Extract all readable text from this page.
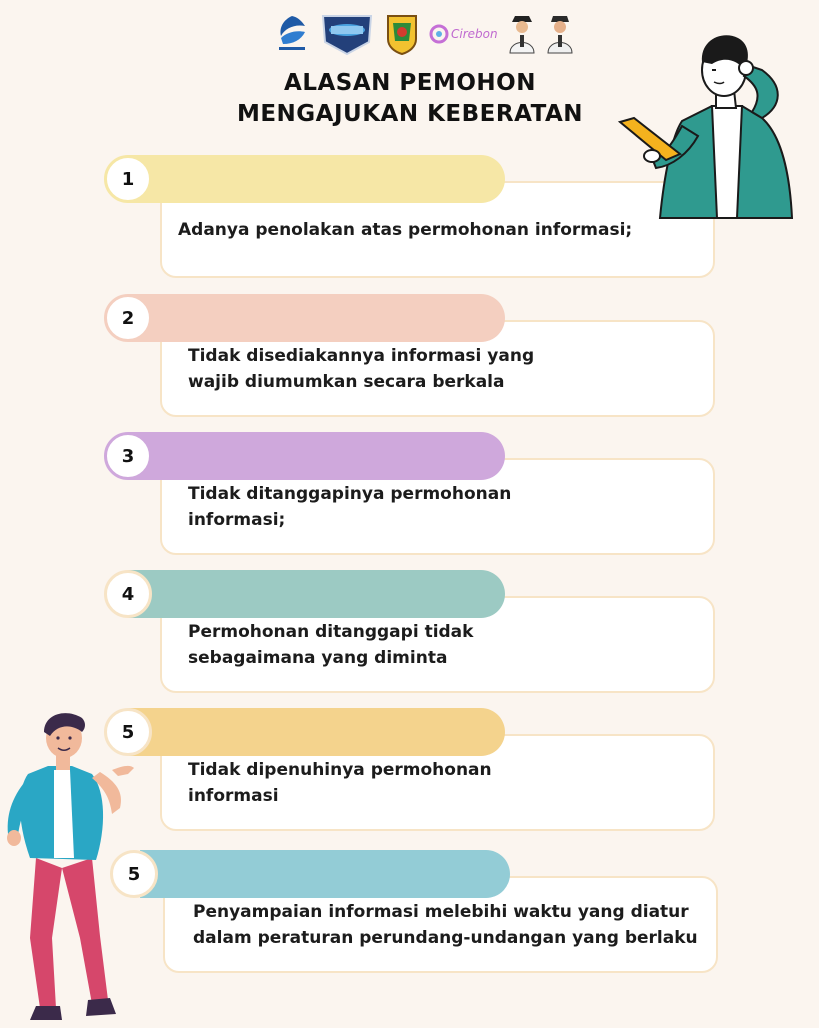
Cirebon
ALASAN PEMOHON
MENGAJUKAN KEBERATAN
Adanya penolakan atas permohonan informasi;
1
Tidak disediakannya informasi yang wajib diumumkan secara berkala
2
Tidak ditanggapinya permohonan informasi;
3
Permohonan ditanggapi tidak sebagaimana yang diminta
4
Tidak dipenuhinya permohonan informasi
5
Penyampaian informasi melebihi waktu yang diatur dalam peraturan perundang-undangan yang berlaku
5
